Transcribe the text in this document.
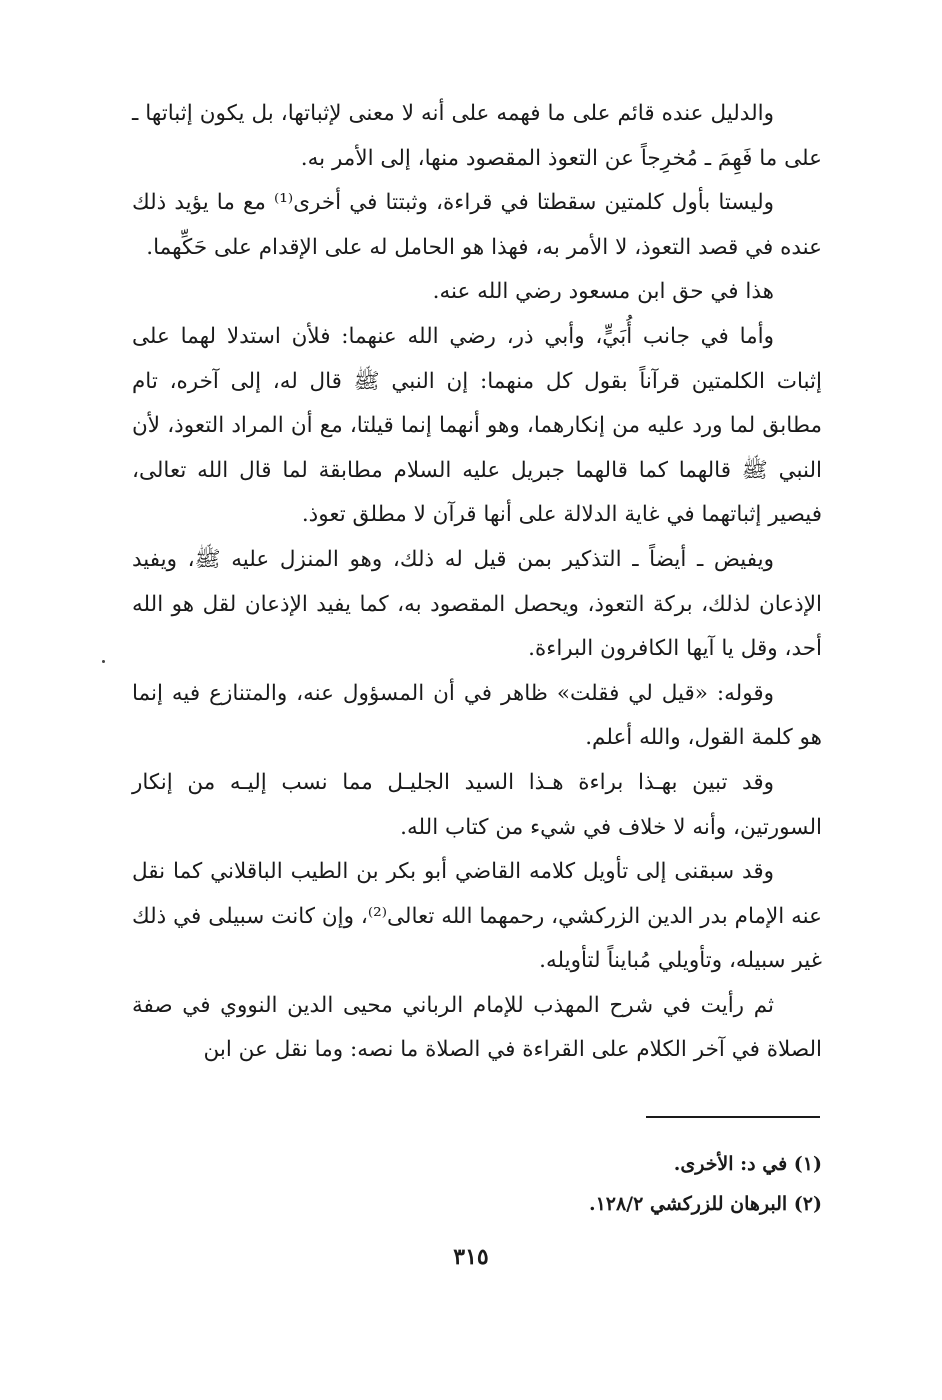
والدليل عنده قائم على ما فهمه على أنه لا معنى لإثباتها، بل يكون إثباتها ـ على ما فَهِمَ ـ مُخرِجاً عن التعوذ المقصود منها، إلى الأمر به.

وليستا بأول كلمتين سقطتا في قراءة، وثبتتا في أخرى⁽¹⁾ مع ما يؤيد ذلك عنده في قصد التعوذ، لا الأمر به، فهذا هو الحامل له على الإقدام على حَكِّهما.

هذا في حق ابن مسعود رضي الله عنه.

وأما في جانب أُبَيٍّ، وأبي ذر، رضي الله عنهما: فلأن استدلا لهما على إثبات الكلمتين قرآناً بقول كل منهما: إن النبي ﷺ قال له، إلى آخره، تام مطابق لما ورد عليه من إنكارهما، وهو أنهما إنما قيلتا، مع أن المراد التعوذ، لأن النبي ﷺ قالهما كما قالهما جبريل عليه السلام مطابقة لما قال الله تعالى، فيصير إثباتهما في غاية الدلالة على أنها قرآن لا مطلق تعوذ.

ويفيض ـ أيضاً ـ التذكير بمن قيل له ذلك، وهو المنزل عليه ﷺ، ويفيد الإذعان لذلك، بركة التعوذ، ويحصل المقصود به، كما يفيد الإذعان لقل هو الله أحد، وقل يا آيها الكافرون البراءة.

وقوله: «قيل لي فقلت» ظاهر في أن المسؤول عنه، والمتنازع فيه إنما هو كلمة القول، والله أعلم.

وقد تبين بهـذا براءة هـذا السيد الجليـل مما نسب إليـه من إنكار السورتين، وأنه لا خلاف في شيء من كتاب الله.

وقد سبقنى إلى تأويل كلامه القاضي أبو بكر بن الطيب الباقلاني كما نقل عنه الإمام بدر الدين الزركشي، رحمهما الله تعالى⁽²⁾، وإن كانت سبيلى في ذلك غير سبيله، وتأويلي مُبايناً لتأويله.

ثم رأيت في شرح المهذب للإمام الرباني محيى الدين النووي في صفة الصلاة في آخر الكلام على القراءة في الصلاة ما نصه: وما نقل عن ابن

(١) في د: الأخرى.
(٢) البرهان للزركشي ١٢٨/٢.
٣١٥
